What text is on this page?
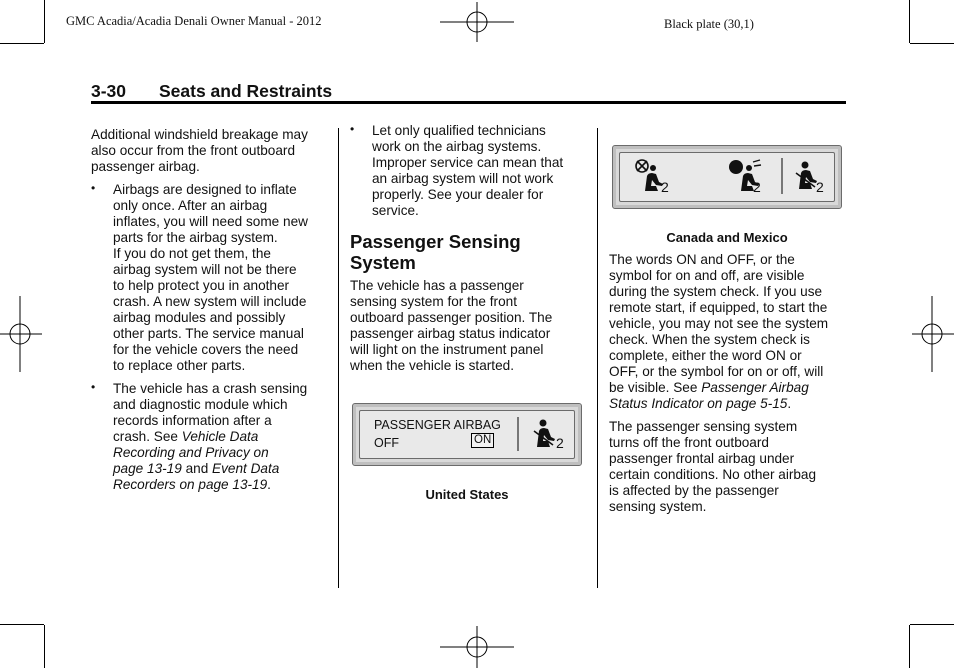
GMC Acadia/Acadia Denali Owner Manual - 2012	Black plate (30,1)
3-30 Seats and Restraints

Additional windshield breakage may also occur from the front outboard passenger airbag.

• Airbags are designed to inflate
only once. After an airbag
inflates, you will need some new
parts for the airbag system.
If you do not get them, the
airbag system will not be there
to help protect you in another
crash. A new system will include
airbag modules and possibly
other parts. The service manual
for the vehicle covers the need
to replace other parts.
• The vehicle has a crash sensing
and diagnostic module which
records information after a
crash. See Vehicle Data
Recording and Privacy on
page 13-19 and Event Data
Recorders on page 13-19.
• Let only qualified technicians
work on the airbag systems.
Improper service can mean that
an airbag system will not work
properly. See your dealer for
service.
Passenger Sensing
System
The vehicle has a passenger
sensing system for the front
outboard passenger position. The
passenger airbag status indicator
will light on the instrument panel
when the vehicle is started.
PASSENGER AIRBAG
OFF	ON	2
United States
2	2	2
Canada and Mexico
The words ON and OFF, or the
symbol for on and off, are visible
during the system check. If you use
remote start, if equipped, to start the
vehicle, you may not see the system
check. When the system check is
complete, either the word ON or
OFF, or the symbol for on or off, will
be visible. See Passenger Airbag
Status Indicator on page 5-15.
The passenger sensing system
turns off the front outboard
passenger frontal airbag under
certain conditions. No other airbag
is affected by the passenger
sensing system.
